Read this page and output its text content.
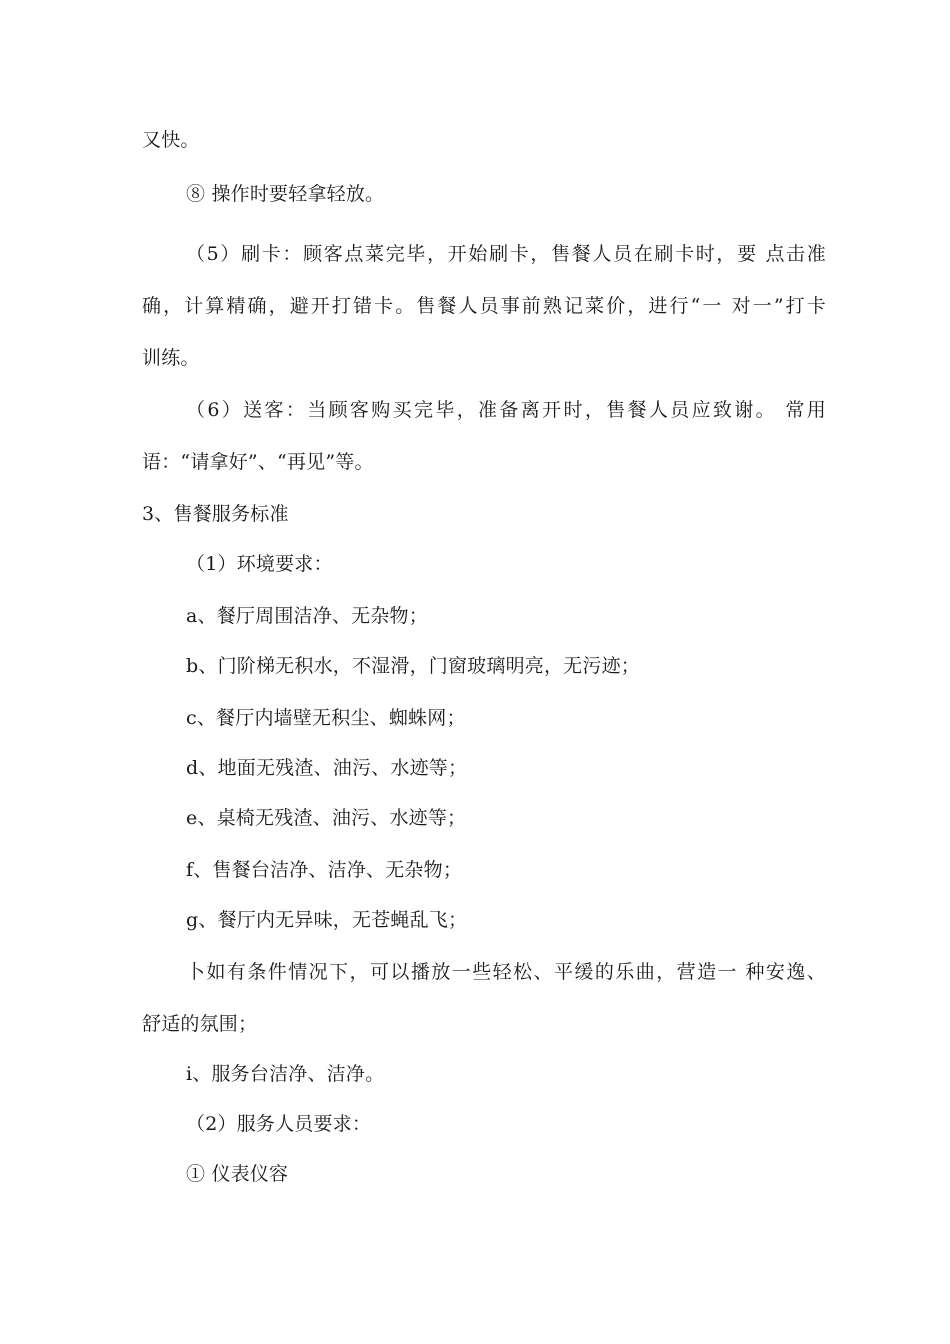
又快。
⑧ 操作时要轻拿轻放。
（5）刷卡：顾客点菜完毕，开始刷卡，售餐人员在刷卡时，要 点击准
确，计算精确，避开打错卡。售餐人员事前熟记菜价，进行“一 对一”打卡
训练。
（6）送客：当顾客购买完毕，准备离开时，售餐人员应致谢。 常用
语：“请拿好”、“再见”等。
3、售餐服务标准
（1）环境要求：
a、餐厅周围洁净、无杂物；
b、门阶梯无积水，不湿滑，门窗玻璃明亮，无污迹；
c、餐厅内墙壁无积尘、蜘蛛网；
d、地面无残渣、油污、水迹等；
e、桌椅无残渣、油污、水迹等；
f、售餐台洁净、洁净、无杂物；
g、餐厅内无异味，无苍蝇乱飞；
卜如有条件情况下，可以播放一些轻松、平缓的乐曲，营造一 种安逸、
舒适的氛围；
i、服务台洁净、洁净。
（2）服务人员要求：
① 仪表仪容
